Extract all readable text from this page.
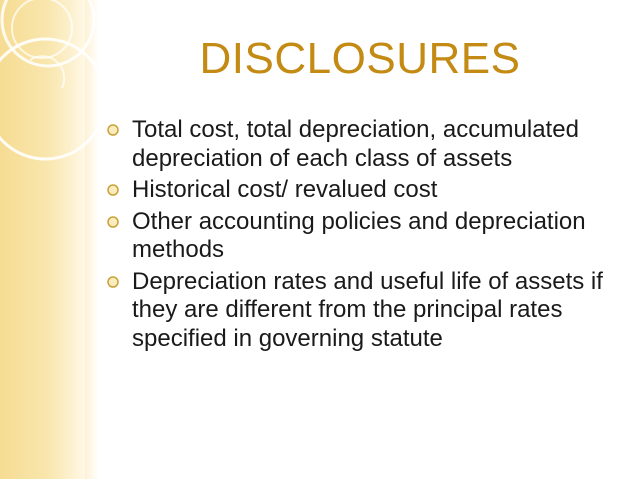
DISCLOSURES
Total cost, total depreciation, accumulated depreciation of each class of assets
Historical cost/ revalued cost
Other accounting policies and depreciation methods
Depreciation rates and useful life of assets if they are different from the principal rates specified in governing statute
